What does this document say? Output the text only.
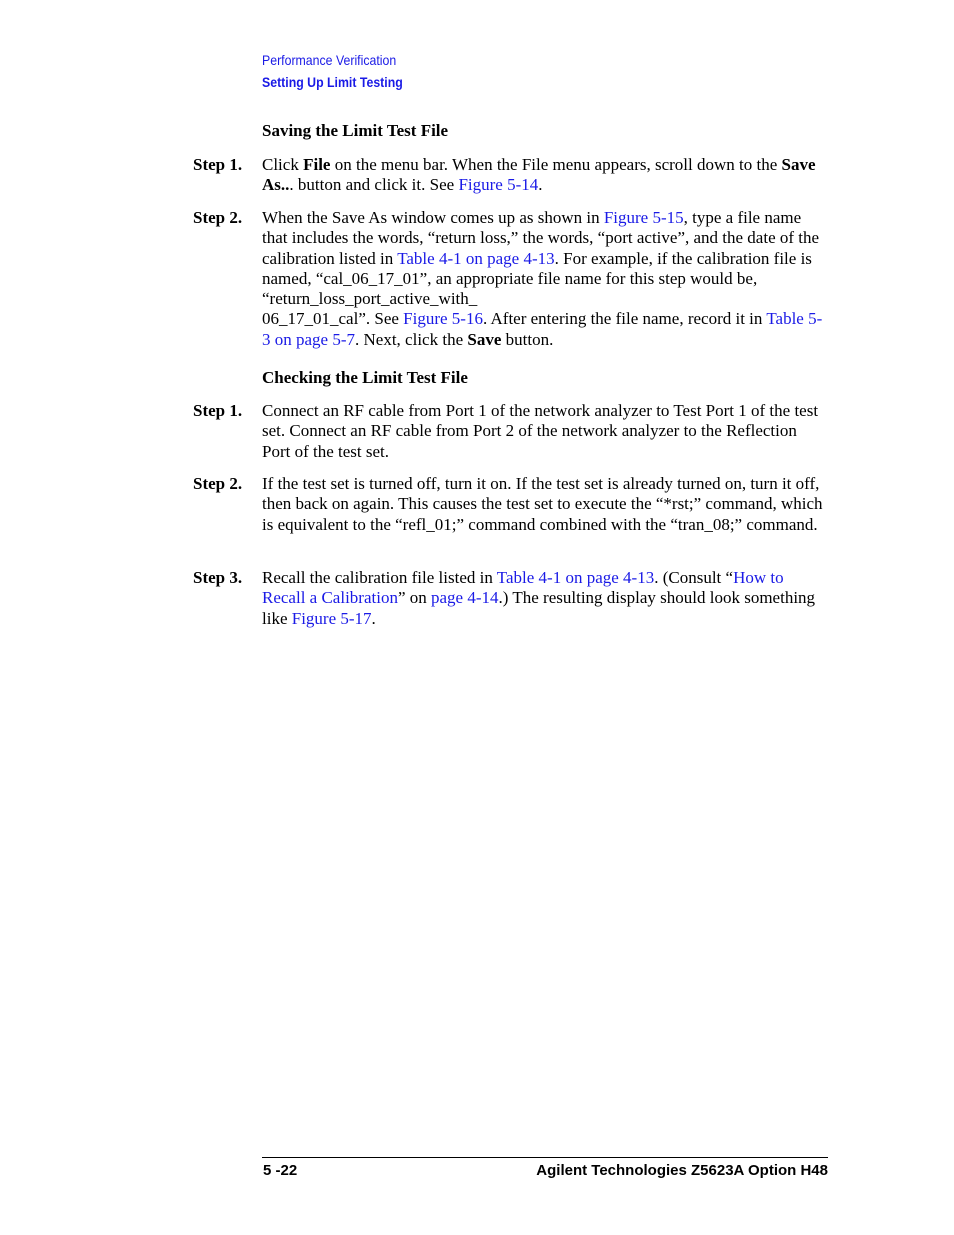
Performance Verification
Setting Up Limit Testing
Saving the Limit Test File
Step 1. Click File on the menu bar. When the File menu appears, scroll down to the Save As... button and click it. See Figure 5-14.
Step 2. When the Save As window comes up as shown in Figure 5-15, type a file name that includes the words, “return loss,” the words, “port active”, and the date of the calibration listed in Table 4-1 on page 4-13. For example, if the calibration file is named, “cal_06_17_01”, an appropriate file name for this step would be, “return_loss_port_active_with_
06_17_01_cal”. See Figure 5-16. After entering the file name, record it in Table 5-3 on page 5-7. Next, click the Save button.
Checking the Limit Test File
Step 1. Connect an RF cable from Port 1 of the network analyzer to Test Port 1 of the test set. Connect an RF cable from Port 2 of the network analyzer to the Reflection Port of the test set.
Step 2. If the test set is turned off, turn it on. If the test set is already turned on, turn it off, then back on again. This causes the test set to execute the “*rst;” command, which is equivalent to the “refl_01;” command combined with the “tran_08;” command.
Step 3. Recall the calibration file listed in Table 4-1 on page 4-13. (Consult “How to Recall a Calibration” on page 4-14.) The resulting display should look something like Figure 5-17.
5 -22	Agilent Technologies Z5623A Option H48
